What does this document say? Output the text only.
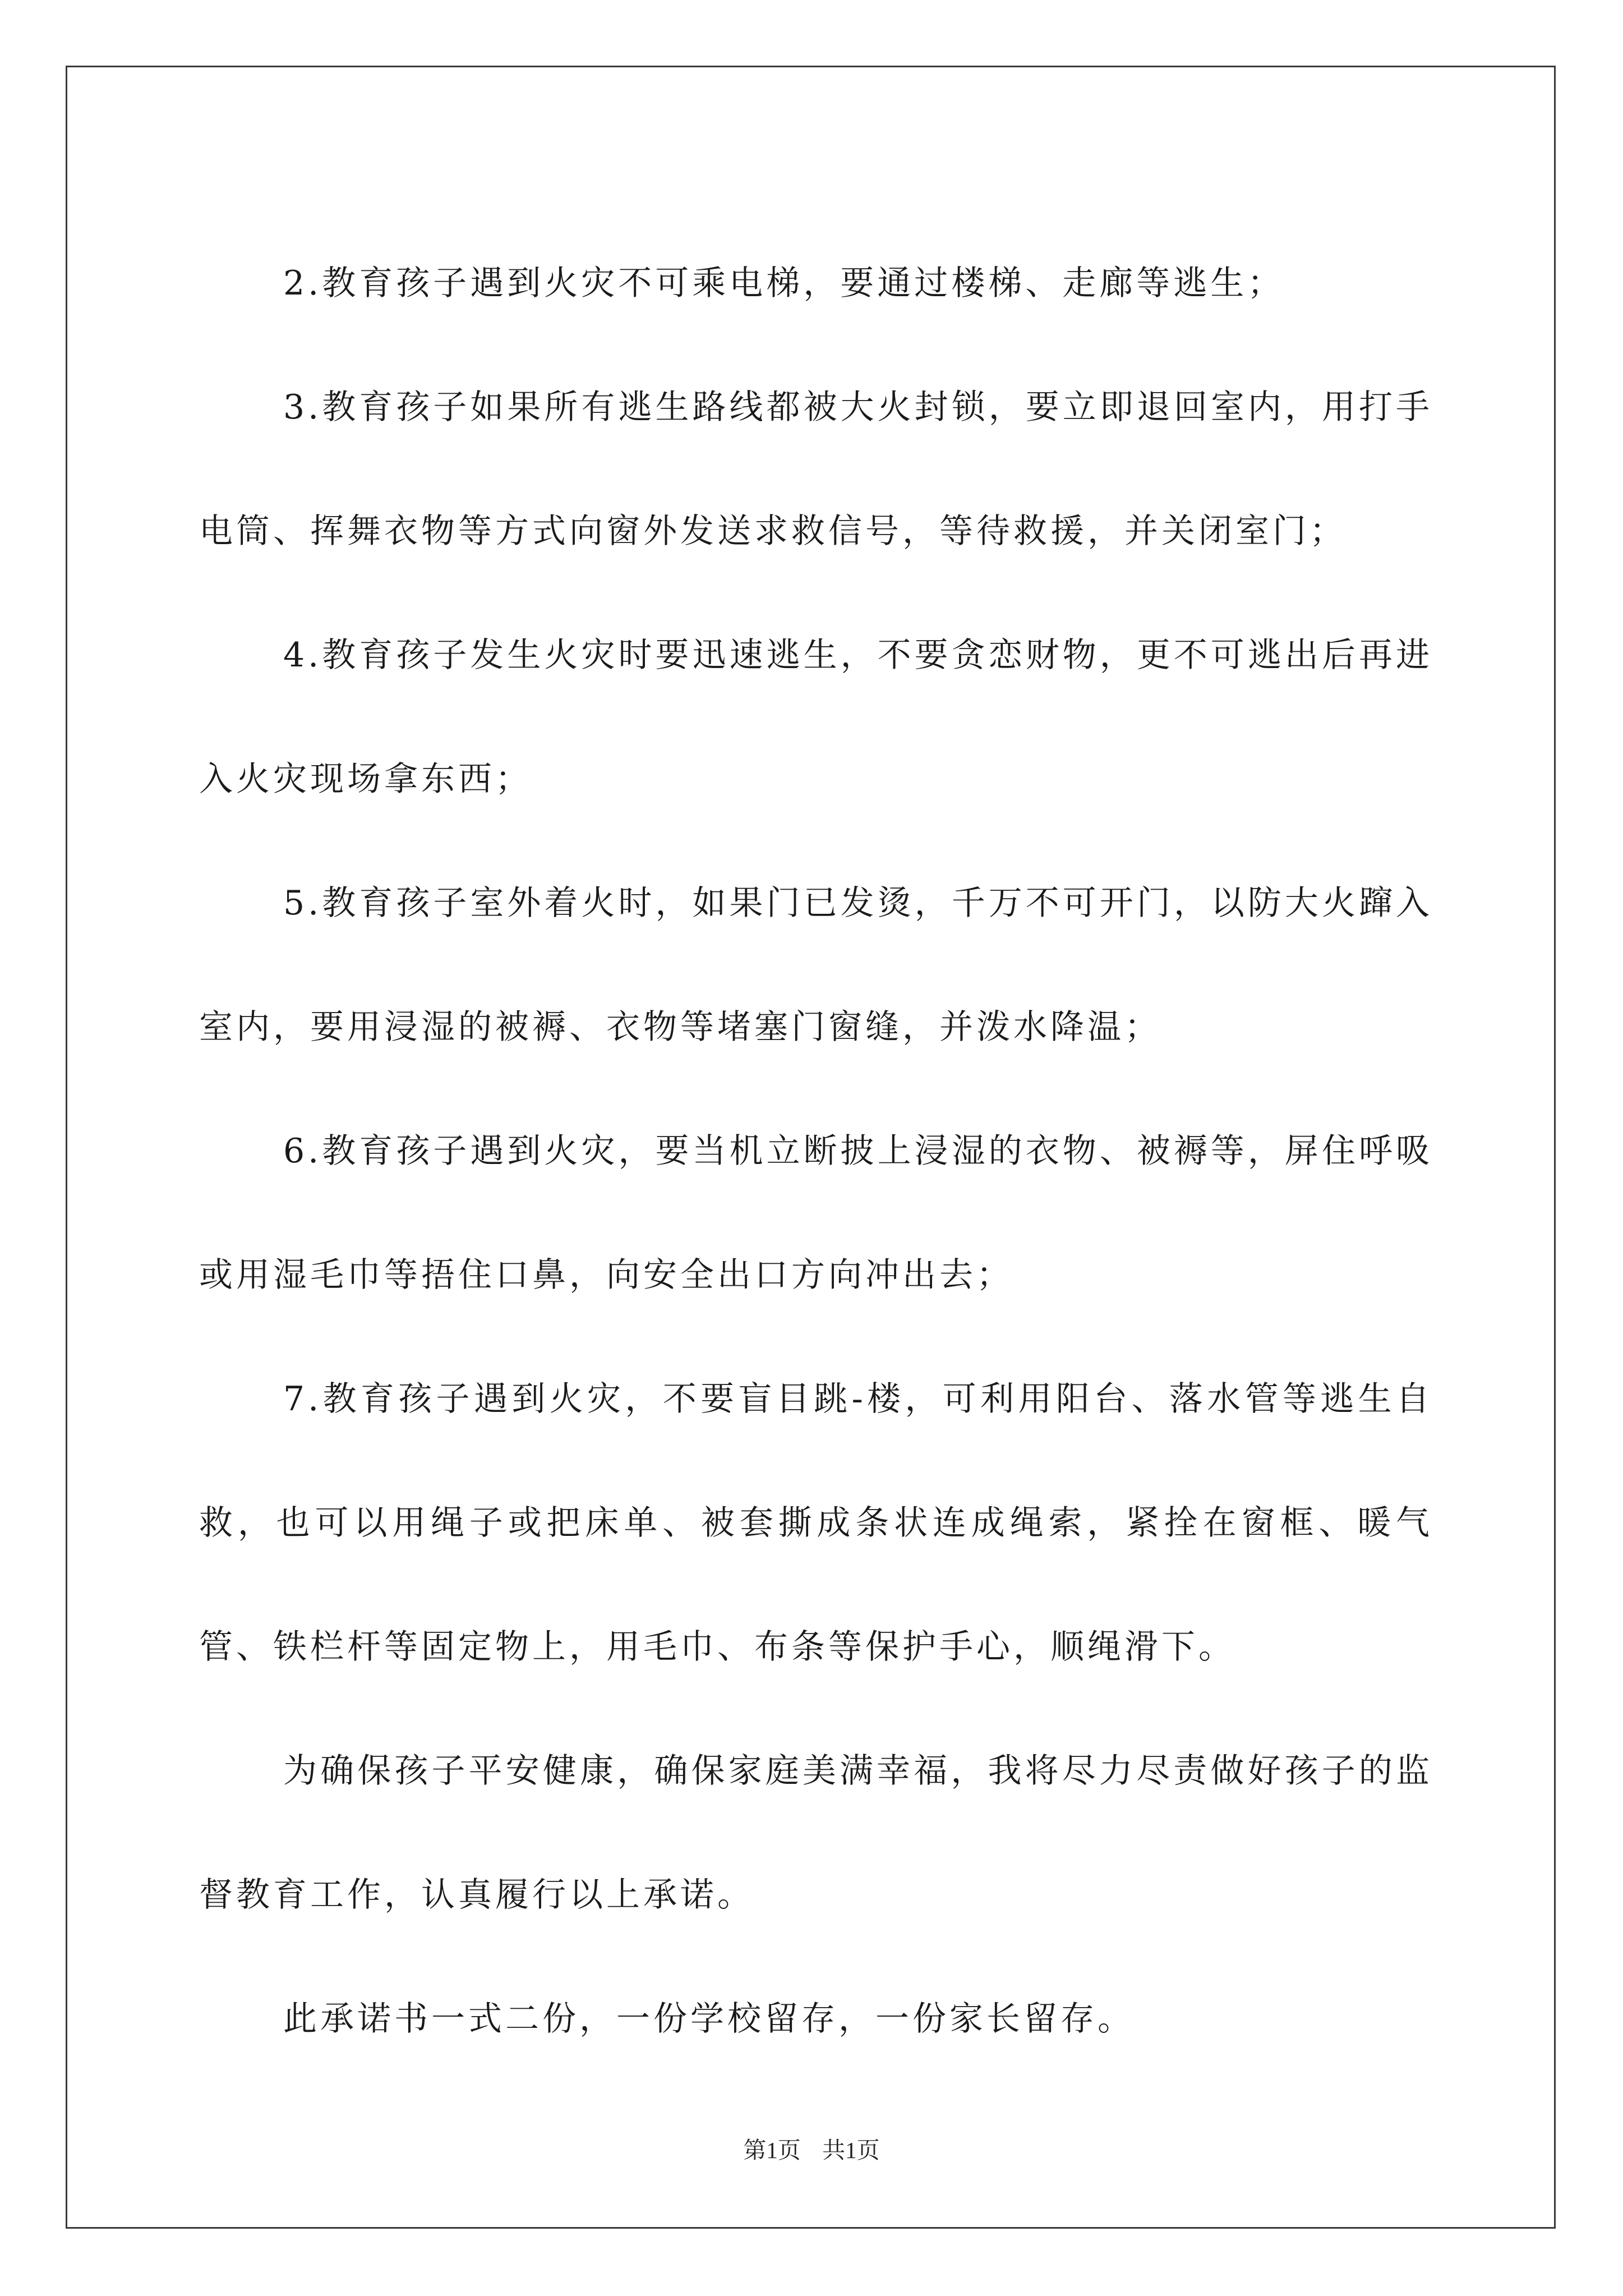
2.教育孩子遇到火灾不可乘电梯，要通过楼梯、走廊等逃生；

3.教育孩子如果所有逃生路线都被大火封锁，要立即退回室内，用打手电筒、挥舞衣物等方式向窗外发送求救信号，等待救援，并关闭室门；

4.教育孩子发生火灾时要迅速逃生，不要贪恋财物，更不可逃出后再进入火灾现场拿东西；

5.教育孩子室外着火时，如果门已发烫，千万不可开门，以防大火蹿入室内，要用浸湿的被褥、衣物等堵塞门窗缝，并泼水降温；

6.教育孩子遇到火灾，要当机立断披上浸湿的衣物、被褥等，屏住呼吸或用湿毛巾等捂住口鼻，向安全出口方向冲出去；

7.教育孩子遇到火灾，不要盲目跳-楼，可利用阳台、落水管等逃生自救，也可以用绳子或把床单、被套撕成条状连成绳索，紧拴在窗框、暖气管、铁栏杆等固定物上，用毛巾、布条等保护手心，顺绳滑下。

为确保孩子平安健康，确保家庭美满幸福，我将尽力尽责做好孩子的监督教育工作，认真履行以上承诺。

此承诺书一式二份，一份学校留存，一份家长留存。

第1页 共1页
